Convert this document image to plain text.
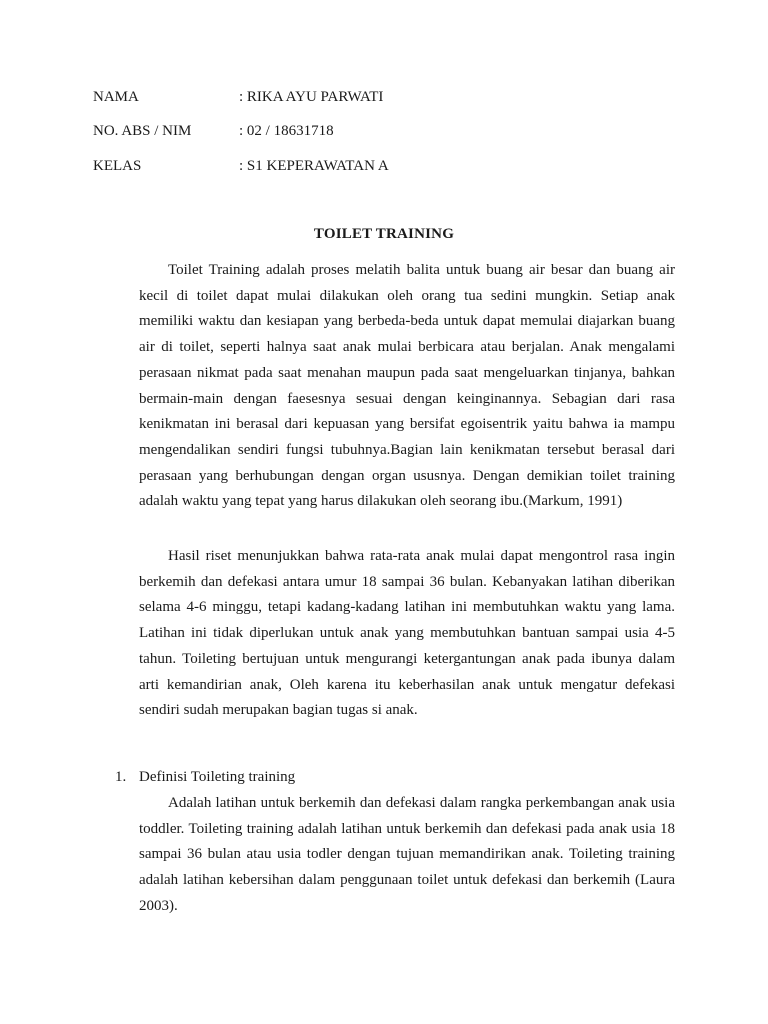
NAMA	: RIKA AYU PARWATI
NO. ABS / NIM	: 02 / 18631718
KELAS	: S1 KEPERAWATAN A
TOILET TRAINING

Toilet Training adalah proses melatih balita untuk buang air besar dan buang air kecil di toilet dapat mulai dilakukan oleh orang tua sedini mungkin. Setiap anak memiliki waktu dan kesiapan yang berbeda-beda untuk dapat memulai diajarkan buang air di toilet, seperti halnya saat anak mulai berbicara atau berjalan. Anak mengalami perasaan nikmat pada saat menahan maupun pada saat mengeluarkan tinjanya, bahkan bermain-main dengan faesesnya sesuai dengan keinginannya. Sebagian dari rasa kenikmatan ini berasal dari kepuasan yang bersifat egoisentrik yaitu bahwa ia mampu mengendalikan sendiri fungsi tubuhnya.Bagian lain kenikmatan tersebut berasal dari perasaan yang berhubungan dengan organ ususnya. Dengan demikian toilet training adalah waktu yang tepat yang harus dilakukan oleh seorang ibu.(Markum, 1991)

Hasil riset menunjukkan bahwa rata-rata anak mulai dapat mengontrol rasa ingin berkemih dan defekasi antara umur 18 sampai 36 bulan. Kebanyakan latihan diberikan selama 4-6 minggu, tetapi kadang-kadang latihan ini membutuhkan waktu yang lama. Latihan ini tidak diperlukan untuk anak yang membutuhkan bantuan sampai usia 4-5 tahun. Toileting bertujuan untuk mengurangi ketergantungan anak pada ibunya dalam arti kemandirian anak, Oleh karena itu keberhasilan anak untuk mengatur defekasi sendiri sudah merupakan bagian tugas si anak.

1. Definisi Toileting training

Adalah latihan untuk berkemih dan defekasi dalam rangka perkembangan anak usia toddler. Toileting training adalah latihan untuk berkemih dan defekasi pada anak usia 18 sampai 36 bulan atau usia todler dengan tujuan memandirikan anak. Toileting training adalah latihan kebersihan dalam penggunaan toilet untuk defekasi dan berkemih (Laura 2003).
